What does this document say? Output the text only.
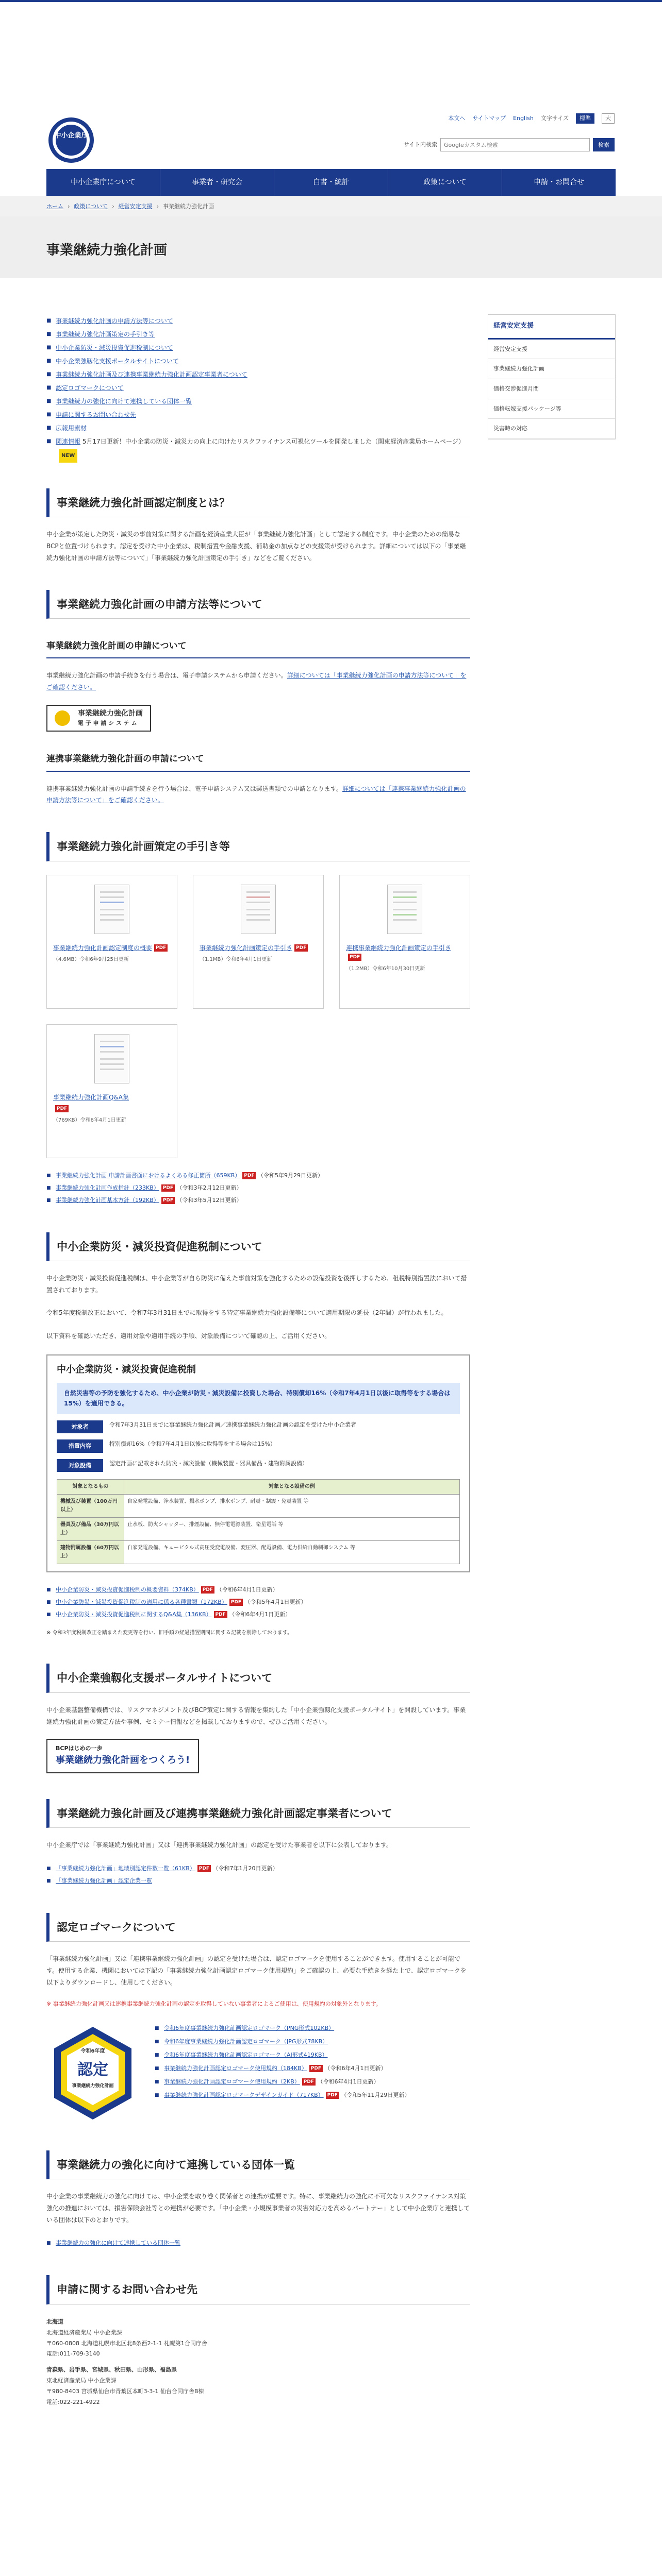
中小企業庁
本文へ サイトマップ English 文字サイズ	標準	大
サイト内検索
Googleカスタム検索	検索
中小企業庁について	事業者・研究会	白書・統計	政策について	申請・お問合せ
ホーム › 政策について › 経営安定支援 › 事業継続力強化計画
事業継続力強化計画
経営安定支援
経営安定支援
事業継続力強化計画
価格交渉促進月間
価格転嫁支援パッケージ等
災害時の対応
■ 事業継続力強化計画の申請方法等について
■ 事業継続力強化計画策定の手引き等
■ 中小企業防災・減災投資促進税制について
■ 中小企業強靱化支援ポータルサイトについて
■ 事業継続力強化計画及び連携事業継続力強化計画認定事業者について
■ 認定ロゴマークについて
■ 事業継続力の強化に向けて連携している団体一覧
■ 申請に関するお問い合わせ先
■ 広報用素材
■ 関連情報 5月17日更新！中小企業の防災・減災力の向上に向けたリスクファイナンス可視化ツールを開発しました（関東経済産業局ホームページ） NEW
事業継続力強化計画認定制度とは？

中小企業が策定した防災・減災の事前対策に関する計画を経済産業大臣が「事業継続力強化計画」として認定する制度です。中小企業のための簡易なBCPと位置づけられます。認定を受けた中小企業は、税制措置や金融支援、補助金の加点などの支援策が受けられます。詳細については以下の「事業継続力強化計画の申請方法等について」「事業継続力強化計画策定の手引き」などをご覧ください。

事業継続力強化計画の申請方法等について
事業継続力強化計画の申請について

事業継続力強化計画の申請手続きを行う場合は、電子申請システムから申請ください。詳細については「事業継続力強化計画の申請方法等について」をご確認ください。

事業継続力強化計画
電 子 申 請 シ ス テ ム
連携事業継続力強化計画の申請について

連携事業継続力強化計画の申請手続きを行う場合は、電子申請システム又は郵送書類での申請となります。詳細については「連携事業継続力強化計画の申請方法等について」をご確認ください。

事業継続力強化計画策定の手引き等
事業継続力強化計画認定制度の概要 PDF
（4.6MB）令和6年9月25日更新
事業継続力強化計画策定の手引き PDF
（1.1MB）令和6年4月1日更新
連携事業継続力強化計画策定の手引きPDF
（1.2MB）令和6年10月30日更新
事業継続力強化計画Q&A集
PDF
（769KB）令和6年4月1日更新
■ 事業継続力強化計画 申請計画書面におけるよくある修正箇所（659KB） PDF （令和5年9月29日更新）
■ 事業継続力強化計画作成指針（233KB） PDF （令和3年2月12日更新）
■ 事業継続力強化計画基本方針（192KB） PDF （令和3年5月12日更新）
中小企業防災・減災投資促進税制について

中小企業防災・減災投資促進税制は、中小企業等が自ら防災に備えた事前対策を強化するための設備投資を後押しするため、租税特別措置法において措置されております。

令和5年度税制改正において、令和7年3月31日までに取得をする特定事業継続力強化設備等について適用期限の延長（2年間）が行われました。

以下資料を確認いただき、適用対象や適用手続の手順、対象設備について確認の上、ご活用ください。

中小企業防災・減災投資促進税制
自然災害等の予防を強化するため、中小企業が防災・減災設備に投資した場合、特別償却16%（令和7年4月1日以後に取得等をする場合は15%）を適用できる。
対象者	令和7年3月31日までに事業継続力強化計画／連携事業継続力強化計画の認定を受けた中小企業者
措置内容	特別償却16%（令和7年4月1日以後に取得等をする場合は15%）
対象設備	認定計画に記載された防災・減災設備（機械装置・器具備品・建物附属設備）
対象となるもの	対象となる設備の例
機械及び装置（100万円以上）	自家発電設備、浄水装置、揚水ポンプ、排水ポンプ、耐震・制震・免震装置 等
器具及び備品（30万円以上）	止水板、防火シャッター、排煙設備、無停電電源装置、衛星電話 等
建物附属設備（60万円以上）	自家発電設備、キュービクル式高圧受変電設備、変圧器、配電設備、電力供給自動制御システム 等
■ 中小企業防災・減災投資促進税制の概要資料（374KB） PDF （令和6年4月1日更新）
■ 中小企業防災・減災投資促進税制の適用に係る各種書類（172KB） PDF （令和5年4月1日更新）
■ 中小企業防災・減災投資促進税制に関するQ&A集（136KB） PDF （令和6年4月1日更新）

※ 令和3年度税制改正を踏まえた変更等を行い、旧手順の経過措置期間に関する記載を削除しております。

中小企業強靱化支援ポータルサイトについて

中小企業基盤整備機構では、リスクマネジメント及びBCP策定に関する情報を集約した「中小企業強靱化支援ポータルサイト」を開設しています。事業継続力強化計画の策定方法や事例、セミナー情報などを掲載しておりますので、ぜひご活用ください。

BCPはじめの一歩
事業継続力強化計画をつくろう!
事業継続力強化計画及び連携事業継続力強化計画認定事業者について

中小企業庁では「事業継続力強化計画」又は「連携事業継続力強化計画」の認定を受けた事業者を以下に公表しております。

■ 「事業継続力強化計画」地域別認定件数一覧（61KB） PDF （令和7年1月20日更新）
■ 「事業継続力強化計画」認定企業一覧
認定ロゴマークについて

「事業継続力強化計画」又は「連携事業継続力強化計画」の認定を受けた場合は、認定ロゴマークを使用することができます。使用することが可能です。使用する企業、機関においては下記の「事業継続力強化計画認定ロゴマーク使用規約」をご確認の上、必要な手続きを経た上で、認定ロゴマークを以下よりダウンロードし、使用してください。

※ 事業継続力強化計画又は連携事業継続力強化計画の認定を取得していない事業者によるご使用は、使用規約の対象外となります。

令和6年度
認定
事業継続力強化計画
■ 令和6年度事業継続力強化計画認定ロゴマーク（PNG形式102KB）
■ 令和6年度事業継続力強化計画認定ロゴマーク（JPG形式78KB）
■ 令和6年度事業継続力強化計画認定ロゴマーク（AI形式419KB）
■ 事業継続力強化計画認定ロゴマーク使用規約（184KB） PDF （令和6年4月1日更新）
■ 事業継続力強化計画認定ロゴマーク使用規約（2KB） PDF （令和6年4月1日更新）
■ 事業継続力強化計画認定ロゴマークデザインガイド（717KB） PDF （令和5年11月29日更新）
事業継続力の強化に向けて連携している団体一覧

中小企業の事業継続力の強化に向けては、中小企業を取り巻く関係者との連携が重要です。特に、事業継続力の強化に不可欠なリスクファイナンス対策強化の推進においては、損害保険会社等との連携が必要です。「中小企業・小規模事業者の災害対応力を高めるパートナー」として中小企業庁と連携している団体は以下のとおりです。

■ 事業継続力の強化に向けて連携している団体一覧
申請に関するお問い合わせ先
北海道
北海道経済産業局 中小企業課
〒060-0808 北海道札幌市北区北8条西2-1-1 札幌第1合同庁舎
電話:011-709-3140
青森県、岩手県、宮城県、秋田県、山形県、福島県
東北経済産業局 中小企業課
〒980-8403 宮城県仙台市青葉区本町3-3-1 仙台合同庁舎B棟
電話:022-221-4922
